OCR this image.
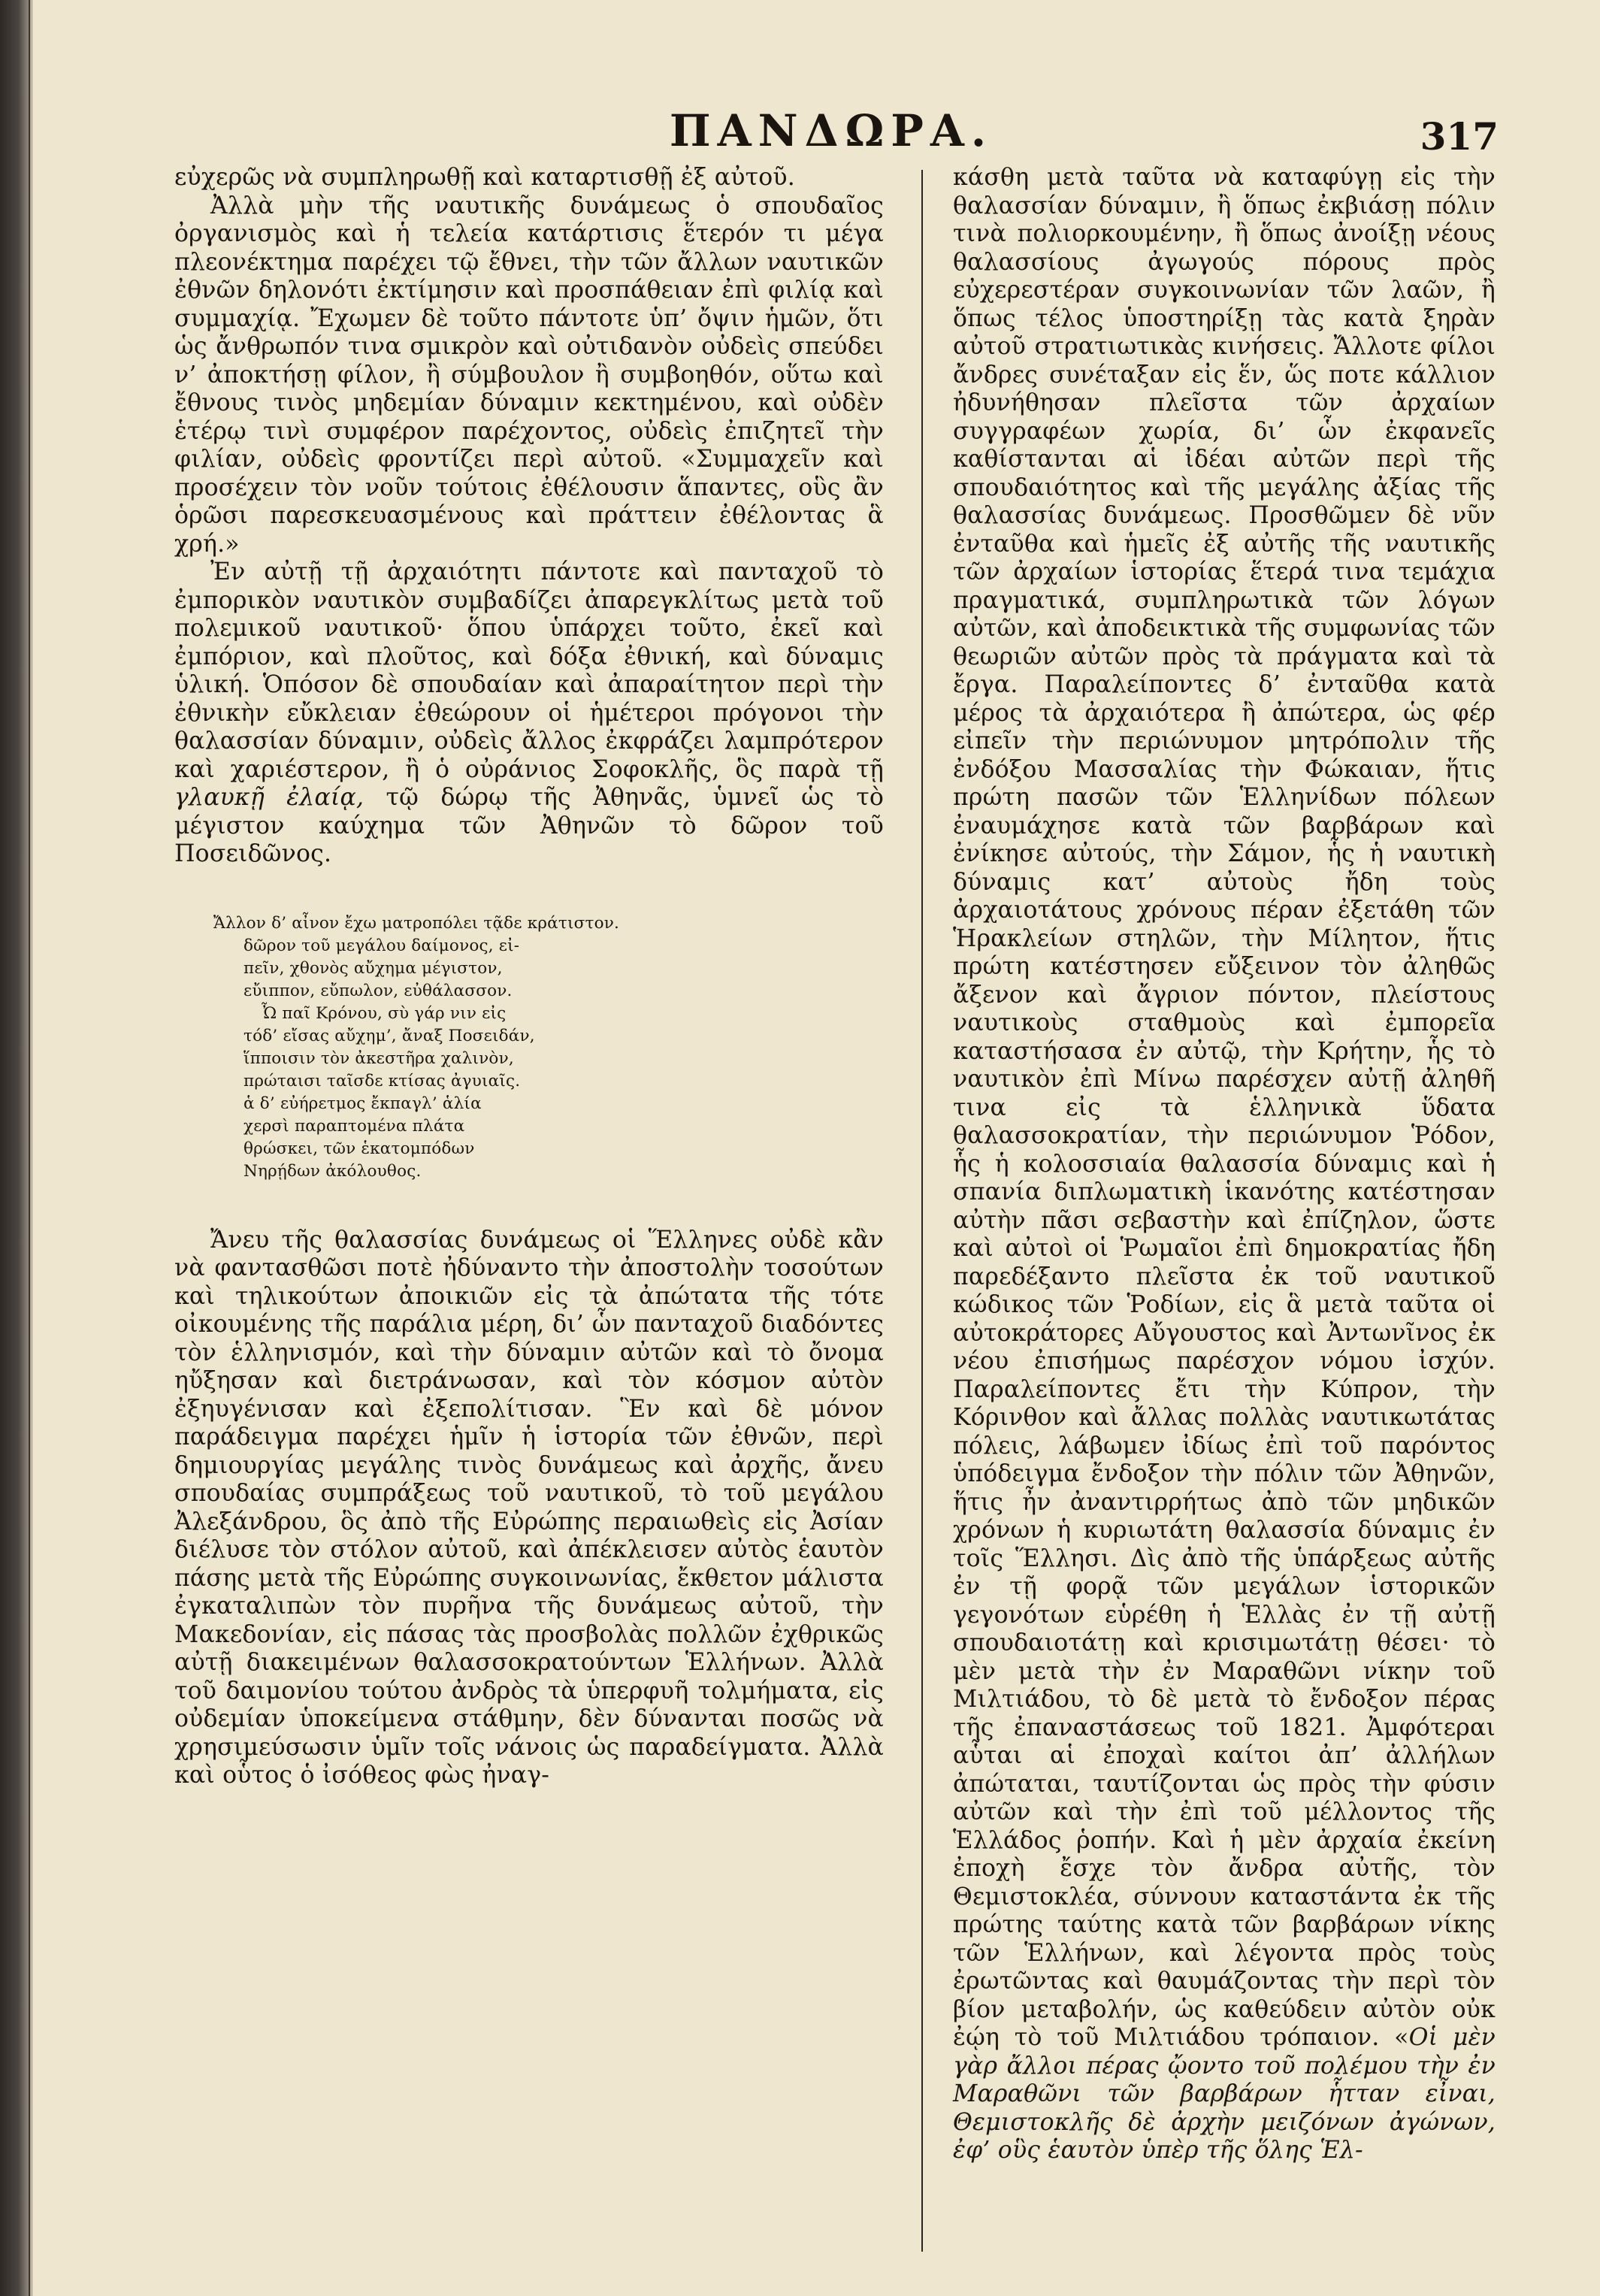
ΠΑΝΔΩΡΑ.	317

εὐχερῶς νὰ συμπληρωθῇ καὶ καταρτισθῇ ἐξ αὐτοῦ.

Ἀλλὰ μὴν τῆς ναυτικῆς δυνάμεως ὁ σπουδαῖος ὀργανισμὸς καὶ ἡ τελεία κατάρτισις ἕτερόν τι μέγα πλεονέκτημα παρέχει τῷ ἔθνει, τὴν τῶν ἄλλων ναυτικῶν ἐθνῶν δηλονότι ἐκτίμησιν καὶ προσπάθειαν ἐπὶ φιλίᾳ καὶ συμμαχίᾳ. Ἔχωμεν δὲ τοῦτο πάντοτε ὑπ’ ὄψιν ἡμῶν, ὅτι ὡς ἄνθρωπόν τινα σμικρὸν καὶ οὐτιδανὸν οὐδεὶς σπεύδει ν’ ἀποκτήσῃ φίλον, ἢ σύμβουλον ἢ συμβοηθόν, οὕτω καὶ ἔθνους τινὸς μηδεμίαν δύναμιν κεκτημένου, καὶ οὐδὲν ἑτέρῳ τινὶ συμφέρον παρέχοντος, οὐδεὶς ἐπιζητεῖ τὴν φιλίαν, οὐδεὶς φροντίζει περὶ αὐτοῦ. «Συμμαχεῖν καὶ προσέχειν τὸν νοῦν τούτοις ἐθέλουσιν ἅπαντες, οὓς ἂν ὁρῶσι παρεσκευασμένους καὶ πράττειν ἐθέλοντας ἃ χρή.»

Ἐν αὐτῇ τῇ ἀρχαιότητι πάντοτε καὶ πανταχοῦ τὸ ἐμπορικὸν ναυτικὸν συμβαδίζει ἀπαρεγκλίτως μετὰ τοῦ πολεμικοῦ ναυτικοῦ· ὅπου ὑπάρχει τοῦτο, ἐκεῖ καὶ ἐμπόριον, καὶ πλοῦτος, καὶ δόξα ἐθνική, καὶ δύναμις ὑλική. Ὁπόσον δὲ σπουδαίαν καὶ ἀπαραίτητον περὶ τὴν ἐθνικὴν εὔκλειαν ἐθεώρουν οἱ ἡμέτεροι πρόγονοι τὴν θαλασσίαν δύναμιν, οὐδεὶς ἄλλος ἐκφράζει λαμπρότερον καὶ χαριέστερον, ἢ ὁ οὐράνιος Σοφοκλῆς, ὃς παρὰ τῇ γλαυκῇ ἐλαίᾳ, τῷ δώρῳ τῆς Ἀθηνᾶς, ὑμνεῖ ὡς τὸ μέγιστον καύχημα τῶν Ἀθηνῶν τὸ δῶρον τοῦ Ποσειδῶνος.

Ἄλλον δ’ αἶνον ἔχω ματροπόλει τᾷδε κράτιστον.
δῶρον τοῦ μεγάλου δαίμονος, εἰ-
πεῖν, χθονὸς αὔχημα μέγιστον,
εὔιππον, εὔπωλον, εὐθάλασσον.
Ὦ παῖ Κρόνου, σὺ γάρ νιν εἰς
τόδ’ εἴσας αὔχημ’, ἄναξ Ποσειδάν,
ἵπποισιν τὸν ἀκεστῆρα χαλινὸν,
πρώταισι ταῖσδε κτίσας ἀγυιαῖς.
ἁ δ’ εὐήρετμος ἔκπαγλ’ ἁλία
χερσὶ παραπτομένα πλάτα
θρώσκει, τῶν ἑκατομπόδων
Νηρῄδων ἀκόλουθος.

Ἄνευ τῆς θαλασσίας δυνάμεως οἱ Ἕλληνες οὐδὲ κἂν νὰ φαντασθῶσι ποτὲ ἠδύναντο τὴν ἀποστολὴν τοσούτων καὶ τηλικούτων ἀποικιῶν εἰς τὰ ἀπώτατα τῆς τότε οἰκουμένης τῆς παράλια μέρη, δι’ ὧν πανταχοῦ διαδόντες τὸν ἑλληνισμόν, καὶ τὴν δύναμιν αὐτῶν καὶ τὸ ὄνομα ηὔξησαν καὶ διετράνωσαν, καὶ τὸν κόσμον αὐτὸν ἐξηυγένισαν καὶ ἐξεπολίτισαν. Ἓν καὶ δὲ μόνον παράδειγμα παρέχει ἡμῖν ἡ ἱστορία τῶν ἐθνῶν, περὶ δημιουργίας μεγάλης τινὸς δυνάμεως καὶ ἀρχῆς, ἄνευ σπουδαίας συμπράξεως τοῦ ναυτικοῦ, τὸ τοῦ μεγάλου Ἀλεξάνδρου, ὃς ἀπὸ τῆς Εὐρώπης περαιωθεὶς εἰς Ἀσίαν διέλυσε τὸν στόλον αὐτοῦ, καὶ ἀπέκλεισεν αὐτὸς ἑαυτὸν πάσης μετὰ τῆς Εὐρώπης συγκοινωνίας, ἔκθετον μάλιστα ἐγκαταλιπὼν τὸν πυρῆνα τῆς δυνάμεως αὐτοῦ, τὴν Μακεδονίαν, εἰς πάσας τὰς προσβολὰς πολλῶν ἐχθρικῶς αὐτῇ διακειμένων θαλασσοκρατούντων Ἑλλήνων. Ἀλλὰ τοῦ δαιμονίου τούτου ἀνδρὸς τὰ ὑπερφυῆ τολμήματα, εἰς οὐδεμίαν ὑποκείμενα στάθμην, δὲν δύνανται ποσῶς νὰ χρησιμεύσωσιν ὑμῖν τοῖς νάνοις ὡς παραδείγματα. Ἀλλὰ καὶ οὗτος ὁ ἰσόθεος φὼς ἠναγ-

κάσθη μετὰ ταῦτα νὰ καταφύγῃ εἰς τὴν θαλασσίαν δύναμιν, ἢ ὅπως ἐκβιάσῃ πόλιν τινὰ πολιορκουμένην, ἢ ὅπως ἀνοίξῃ νέους θαλασσίους ἀγωγούς πόρους πρὸς εὐχερεστέραν συγκοινωνίαν τῶν λαῶν, ἢ ὅπως τέλος ὑποστηρίξῃ τὰς κατὰ ξηρὰν αὐτοῦ στρατιωτικὰς κινήσεις. Ἄλλοτε φίλοι ἄνδρες συνέταξαν εἰς ἕν, ὥς ποτε κάλλιον ἠδυνήθησαν πλεῖστα τῶν ἀρχαίων συγγραφέων χωρία, δι’ ὧν ἐκφανεῖς καθίστανται αἱ ἰδέαι αὐτῶν περὶ τῆς σπουδαιότητος καὶ τῆς μεγάλης ἀξίας τῆς θαλασσίας δυνάμεως. Προσθῶμεν δὲ νῦν ἐνταῦθα καὶ ἡμεῖς ἐξ αὐτῆς τῆς ναυτικῆς τῶν ἀρχαίων ἱστορίας ἕτερά τινα τεμάχια πραγματικά, συμπληρωτικὰ τῶν λόγων αὐτῶν, καὶ ἀποδεικτικὰ τῆς συμφωνίας τῶν θεωριῶν αὐτῶν πρὸς τὰ πράγματα καὶ τὰ ἔργα. Παραλείποντες δ’ ἐνταῦθα κατὰ μέρος τὰ ἀρχαιότερα ἢ ἀπώτερα, ὡς φέρ εἰπεῖν τὴν περιώνυμον μητρόπολιν τῆς ἐνδόξου Μασσαλίας τὴν Φώκαιαν, ἥτις πρώτη πασῶν τῶν Ἑλληνίδων πόλεων ἐναυμάχησε κατὰ τῶν βαρβάρων καὶ ἐνίκησε αὐτούς, τὴν Σάμον, ἧς ἡ ναυτικὴ δύναμις κατ’ αὐτοὺς ἤδη τοὺς ἀρχαιοτάτους χρόνους πέραν ἐξετάθη τῶν Ἡρακλείων στηλῶν, τὴν Μίλητον, ἥτις πρώτη κατέστησεν εὔξεινον τὸν ἀληθῶς ἄξενον καὶ ἄγριον πόντον, πλείστους ναυτικοὺς σταθμοὺς καὶ ἐμπορεῖα καταστήσασα ἐν αὐτῷ, τὴν Κρήτην, ἧς τὸ ναυτικὸν ἐπὶ Μίνω παρέσχεν αὐτῇ ἀληθῆ τινα εἰς τὰ ἑλληνικὰ ὕδατα θαλασσοκρατίαν, τὴν περιώνυμον Ῥόδον, ἧς ἡ κολοσσιαία θαλασσία δύναμις καὶ ἡ σπανία διπλωματικὴ ἱκανότης κατέστησαν αὐτὴν πᾶσι σεβαστὴν καὶ ἐπίζηλον, ὥστε καὶ αὐτοὶ οἱ Ῥωμαῖοι ἐπὶ δημοκρατίας ἤδη παρεδέξαντο πλεῖστα ἐκ τοῦ ναυτικοῦ κώδικος τῶν Ῥοδίων, εἰς ἃ μετὰ ταῦτα οἱ αὐτοκράτορες Αὔγουστος καὶ Ἀντωνῖνος ἐκ νέου ἐπισήμως παρέσχον νόμου ἰσχύν. Παραλείποντες ἔτι τὴν Κύπρον, τὴν Κόρινθον καὶ ἄλλας πολλὰς ναυτικωτάτας πόλεις, λάβωμεν ἰδίως ἐπὶ τοῦ παρόντος ὑπόδειγμα ἔνδοξον τὴν πόλιν τῶν Ἀθηνῶν, ἥτις ἦν ἀναντιρρήτως ἀπὸ τῶν μηδικῶν χρόνων ἡ κυριωτάτη θαλασσία δύναμις ἐν τοῖς Ἕλλησι. Δὶς ἀπὸ τῆς ὑπάρξεως αὐτῆς ἐν τῇ φορᾷ τῶν μεγάλων ἱστορικῶν γεγονότων εὑρέθη ἡ Ἑλλὰς ἐν τῇ αὐτῇ σπουδαιοτάτῃ καὶ κρισιμωτάτῃ θέσει· τὸ μὲν μετὰ τὴν ἐν Μαραθῶνι νίκην τοῦ Μιλτιάδου, τὸ δὲ μετὰ τὸ ἔνδοξον πέρας τῆς ἐπαναστάσεως τοῦ 1821. Ἀμφότεραι αὗται αἱ ἐποχαὶ καίτοι ἀπ’ ἀλλήλων ἀπώταται, ταυτίζονται ὡς πρὸς τὴν φύσιν αὐτῶν καὶ τὴν ἐπὶ τοῦ μέλλοντος τῆς Ἑλλάδος ῥοπήν. Καὶ ἡ μὲν ἀρχαία ἐκείνη ἐποχὴ ἔσχε τὸν ἄνδρα αὐτῆς, τὸν Θεμιστοκλέα, σύννουν καταστάντα ἐκ τῆς πρώτης ταύτης κατὰ τῶν βαρβάρων νίκης τῶν Ἑλλήνων, καὶ λέγοντα πρὸς τοὺς ἐρωτῶντας καὶ θαυμάζοντας τὴν περὶ τὸν βίον μεταβολήν, ὡς καθεύδειν αὐτὸν οὐκ ἐῴη τὸ τοῦ Μιλτιάδου τρόπαιον. «Οἱ μὲν γὰρ ἄλλοι πέρας ᾤοντο τοῦ πολέμου τὴν ἐν Μαραθῶνι τῶν βαρβάρων ἧτταν εἶναι, Θεμιστοκλῆς δὲ ἀρχὴν μειζόνων ἀγώνων, ἐφ’ οὓς ἑαυτὸν ὑπὲρ τῆς ὅλης Ἑλ-
